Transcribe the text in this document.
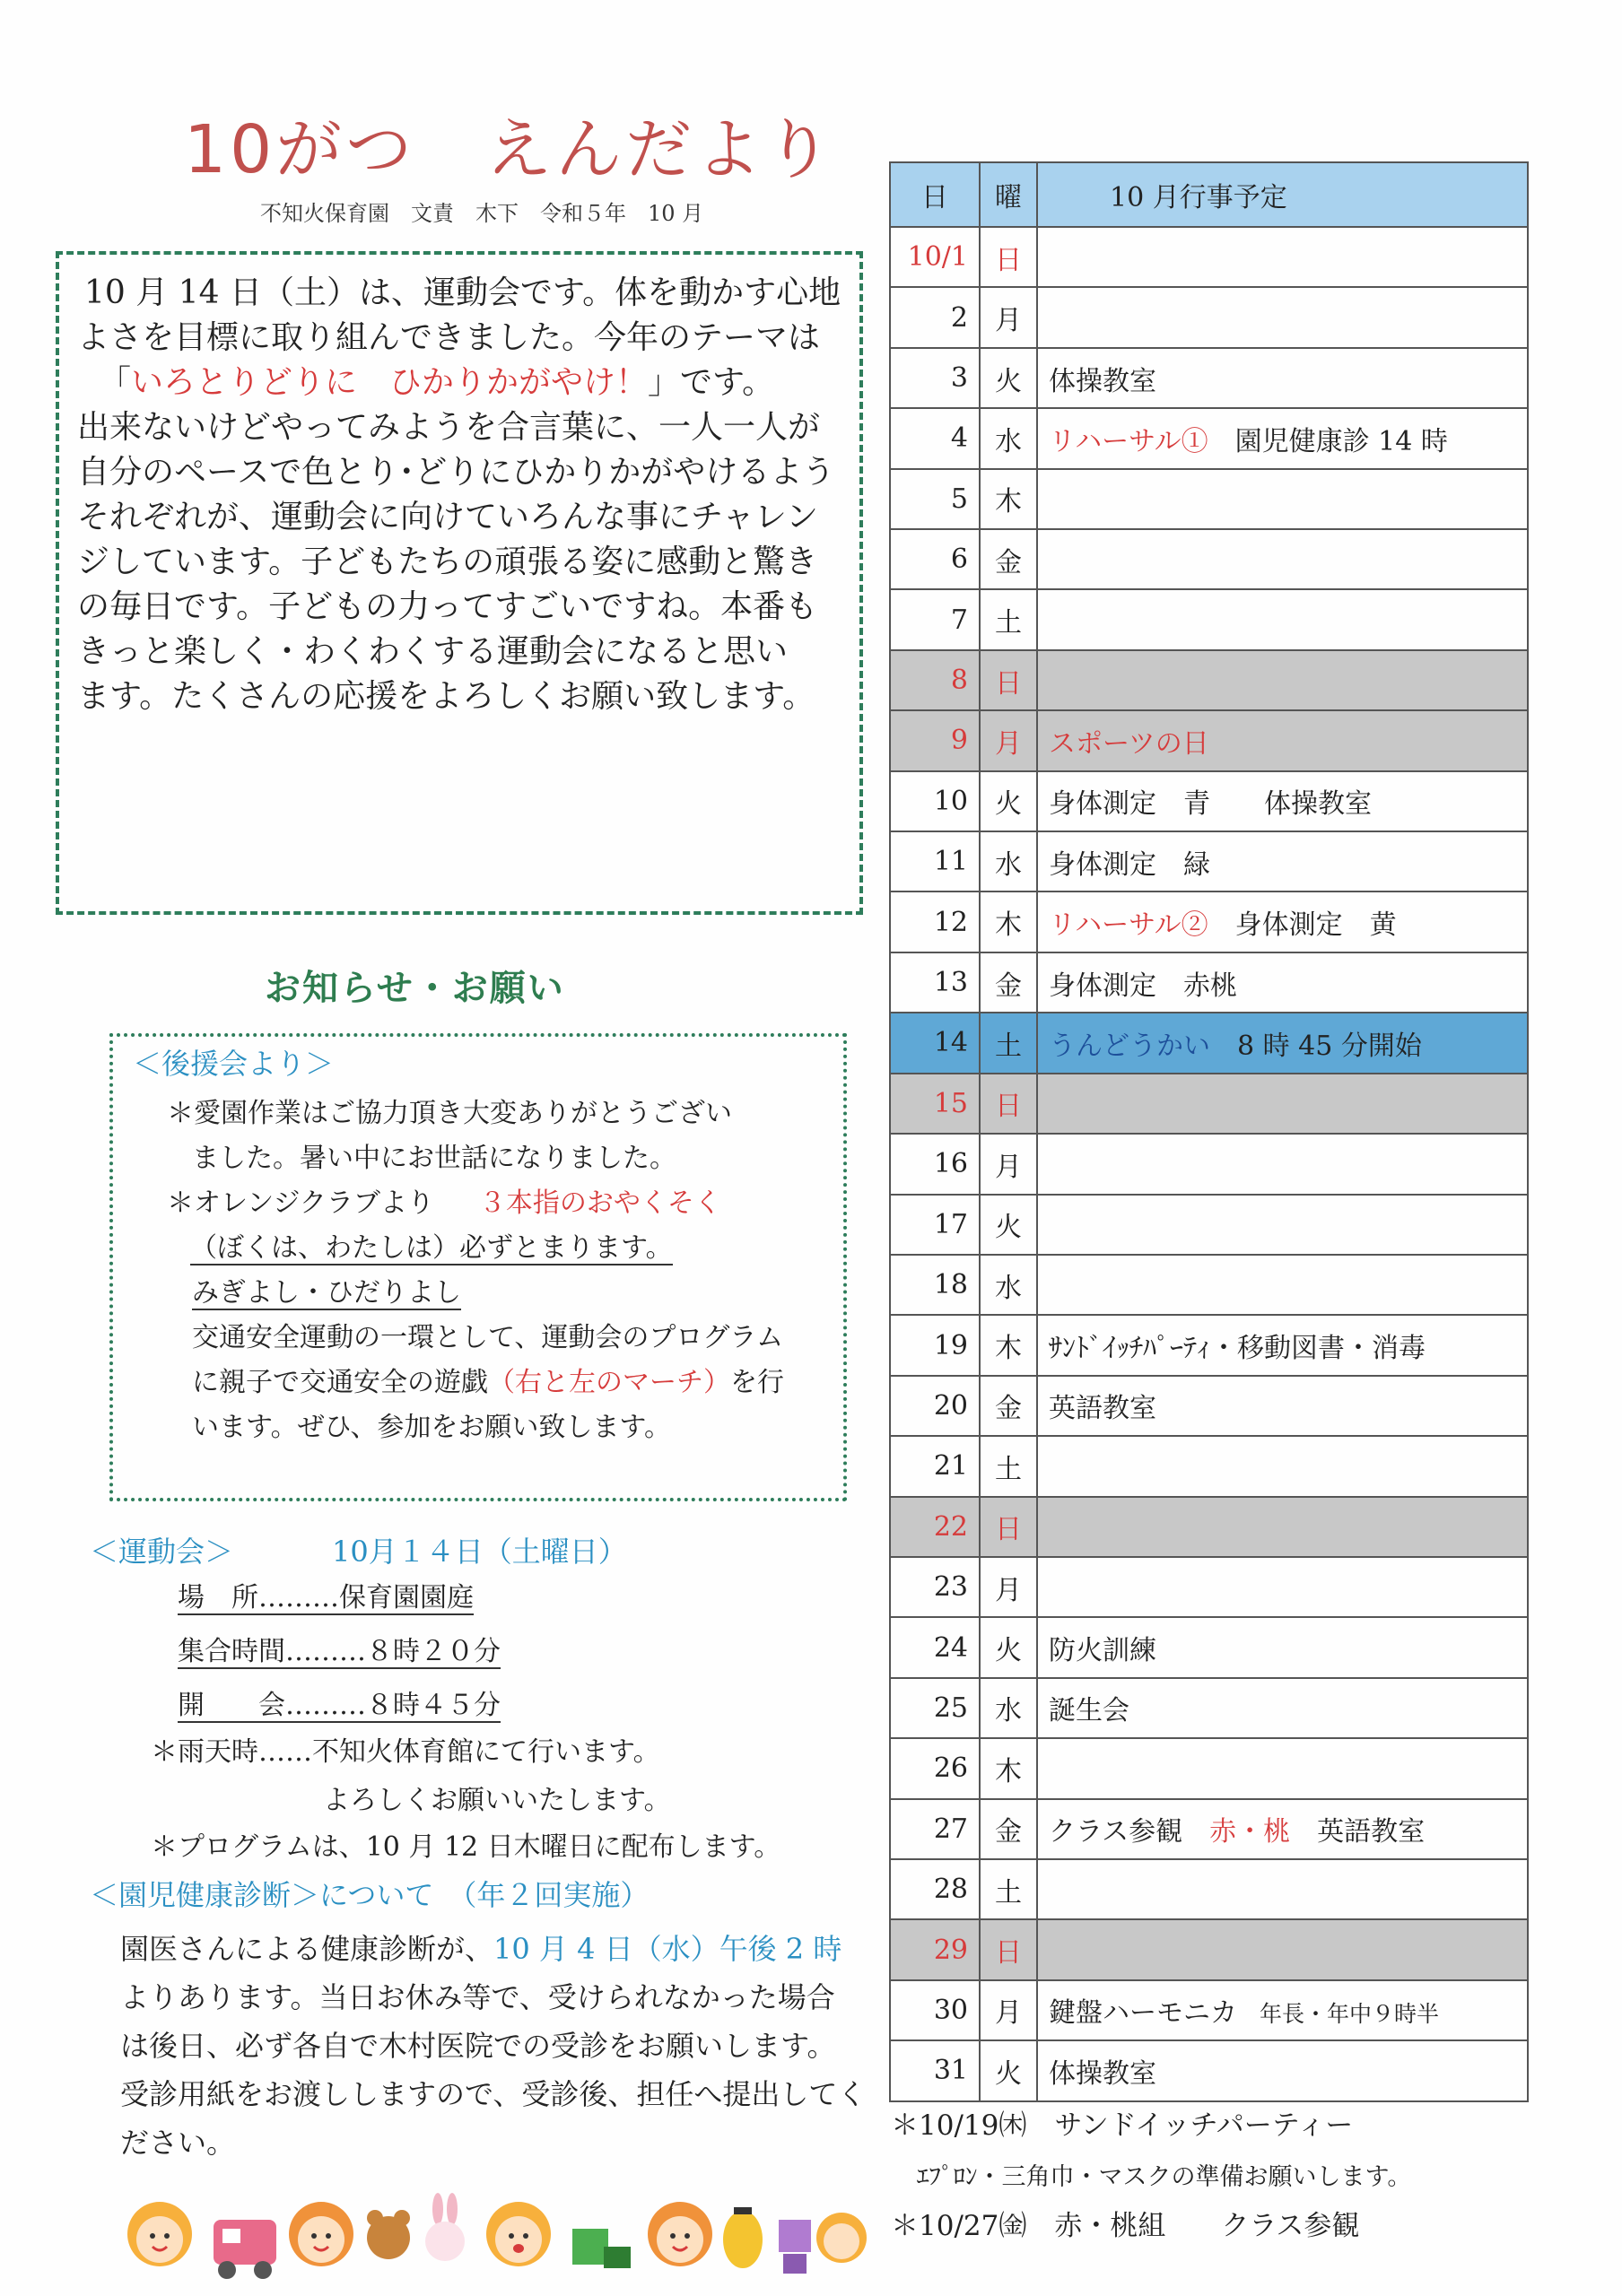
10がつ　えんだより
不知火保育園　文責　木下　令和５年　10 月
10 月 14 日（土）は、運動会です。体を動かす心地
よさを目標に取り組んできました。今年のテーマは
「いろとりどりに　ひかりかがやけ！」です。
出来ないけどやってみようを合言葉に、一人一人が
自分のペースで色とり･どりにひかりかがやけるよう
それぞれが、運動会に向けていろんな事にチャレン
ジしています。子どもたちの頑張る姿に感動と驚き
の毎日です。子どもの力ってすごいですね。本番も
きっと楽しく・わくわくする運動会になると思い
ます。たくさんの応援をよろしくお願い致します。
お知らせ・お願い
＜後援会より＞
＊愛園作業はご協力頂き大変ありがとうござい
ました。暑い中にお世話になりました。
＊オレンジクラブより ３本指のおやくそく
（ぼくは、わたしは）必ずとまります。
みぎよし・ひだりよし
交通安全運動の一環として、運動会のプログラム
に親子で交通安全の遊戯（右と左のマーチ）を行
います。ぜひ、参加をお願い致します。
＜運動会＞	10月１４日（土曜日）
場　所………保育園園庭
集合時間………８時２０分
開　　会………８時４５分
＊雨天時……不知火体育館にて行います。
よろしくお願いいたします。
＊プログラムは、10 月 12 日木曜日に配布します。
＜園児健康診断＞について　（年２回実施）
園医さんによる健康診断が、10 月 4 日（水）午後 2 時
よりあります。当日お休み等で、受けられなかった場合
は後日、必ず各自で木村医院での受診をお願いします。
受診用紙をお渡ししますので、受診後、担任へ提出してく
ださい。
日	曜	10 月行事予定
10/1	日	
2	月	
3	火	体操教室
4	水	リハーサル①　園児健康診 14 時
5	木	
6	金	
7	土	
8	日	
9	月	スポーツの日
10	火	身体測定　青　　体操教室
11	水	身体測定　緑
12	木	リハーサル②　身体測定　黄
13	金	身体測定　赤桃
14	土	うんどうかい　8 時 45 分開始
15	日	
16	月	
17	火	
18	水	
19	木	ｻﾝﾄﾞｲｯﾁﾊﾟｰﾃｨ・移動図書・消毒
20	金	英語教室
21	土	
22	日	
23	月	
24	火	防火訓練
25	水	誕生会
26	木	
27	金	クラス参観　赤・桃　英語教室
28	土	
29	日	
30	月	鍵盤ハーモニカ　年長・年中９時半
31	火	体操教室
＊10/19㈭　サンドイッチパーティー
ｴﾌﾟﾛﾝ・三角巾・マスクの準備お願いします。
＊10/27㈮　赤・桃組　　クラス参観
